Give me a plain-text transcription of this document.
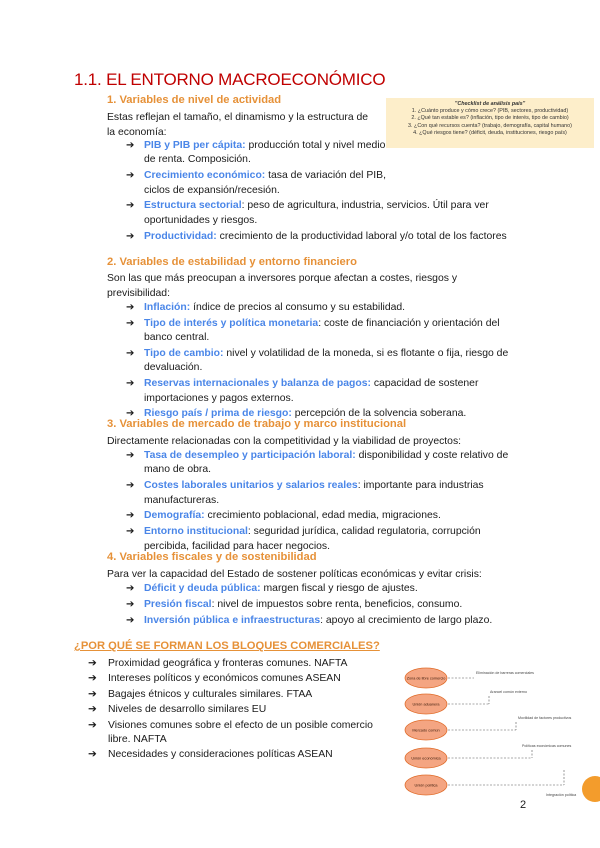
1.1. EL ENTORNO MACROECONÓMICO
"Checklist de análisis país"
1. ¿Cuánto produce y cómo crece? (PIB, sectores, productividad)
2. ¿Qué tan estable es? (inflación, tipo de interés, tipo de cambio)
3. ¿Con qué recursos cuenta? (trabajo, demografía, capital humano)
4. ¿Qué riesgos tiene? (déficit, deuda, instituciones, riesgo país)
1. Variables de nivel de actividad
Estas reflejan el tamaño, el dinamismo y la estructura de la economía:
➔ PIB y PIB per cápita: producción total y nivel medio de renta. Composición.
➔ Crecimiento económico: tasa de variación del PIB, ciclos de expansión/recesión.
➔ Estructura sectorial: peso de agricultura, industria, servicios. Útil para ver oportunidades y riesgos.
➔ Productividad: crecimiento de la productividad laboral y/o total de los factores
2. Variables de estabilidad y entorno financiero
Son las que más preocupan a inversores porque afectan a costes, riesgos y previsibilidad:
➔ Inflación: índice de precios al consumo y su estabilidad.
➔ Tipo de interés y política monetaria: coste de financiación y orientación del banco central.
➔ Tipo de cambio: nivel y volatilidad de la moneda, si es flotante o fija, riesgo de devaluación.
➔ Reservas internacionales y balanza de pagos: capacidad de sostener importaciones y pagos externos.
➔ Riesgo país / prima de riesgo: percepción de la solvencia soberana.
3. Variables de mercado de trabajo y marco institucional
Directamente relacionadas con la competitividad y la viabilidad de proyectos:
➔ Tasa de desempleo y participación laboral: disponibilidad y coste relativo de mano de obra.
➔ Costes laborales unitarios y salarios reales: importante para industrias manufactureras.
➔ Demografía: crecimiento poblacional, edad media, migraciones.
➔ Entorno institucional: seguridad jurídica, calidad regulatoria, corrupción percibida, facilidad para hacer negocios.
4. Variables fiscales y de sostenibilidad
Para ver la capacidad del Estado de sostener políticas económicas y evitar crisis:
➔ Déficit y deuda pública: margen fiscal y riesgo de ajustes.
➔ Presión fiscal: nivel de impuestos sobre renta, beneficios, consumo.
➔ Inversión pública e infraestructuras: apoyo al crecimiento de largo plazo.
¿POR QUÉ SE FORMAN LOS BLOQUES COMERCIALES?
➔ Proximidad geográfica y fronteras comunes. NAFTA
➔ Intereses políticos y económicos comunes ASEAN
➔ Bagajes étnicos y culturales similares. FTAA
➔ Niveles de desarrollo similares EU
➔ Visiones comunes sobre el efecto de un posible comercio libre. NAFTA
➔ Necesidades y consideraciones políticas ASEAN
Zona de libre comercio
Unión aduanera
Mercado común
Unión económica
Unión política
Eliminación de barreras comerciales
Arancel común externo
Movilidad de factores productivos
Políticas económicas comunes
Integración política
2
